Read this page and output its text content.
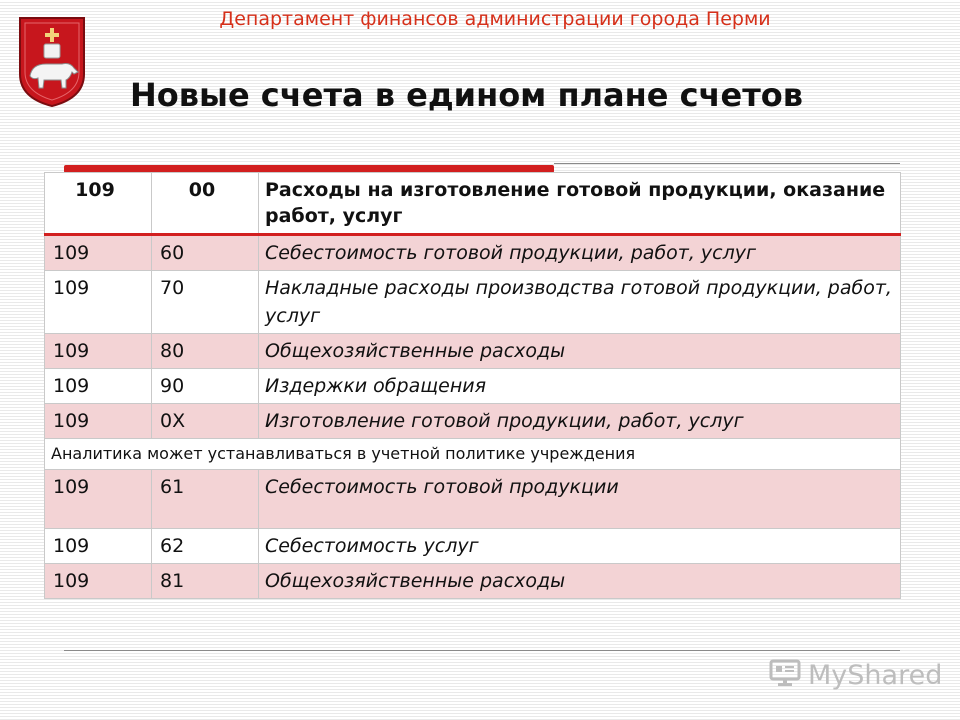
Департамент финансов администрации города Перми
Новые счета в едином плане счетов
109	00	Расходы на изготовление готовой продукции, оказание работ, услуг
109	60	Себестоимость готовой продукции, работ, услуг
109	70	Накладные расходы производства готовой продукции, работ, услуг
109	80	Общехозяйственные расходы
109	90	Издержки обращения
109	0X	Изготовление готовой продукции, работ, услуг
Аналитика может устанавливаться в учетной политике учреждения		
109	61	Себестоимость готовой продукции
109	62	Себестоимость услуг
109	81	Общехозяйственные расходы
MyShared
